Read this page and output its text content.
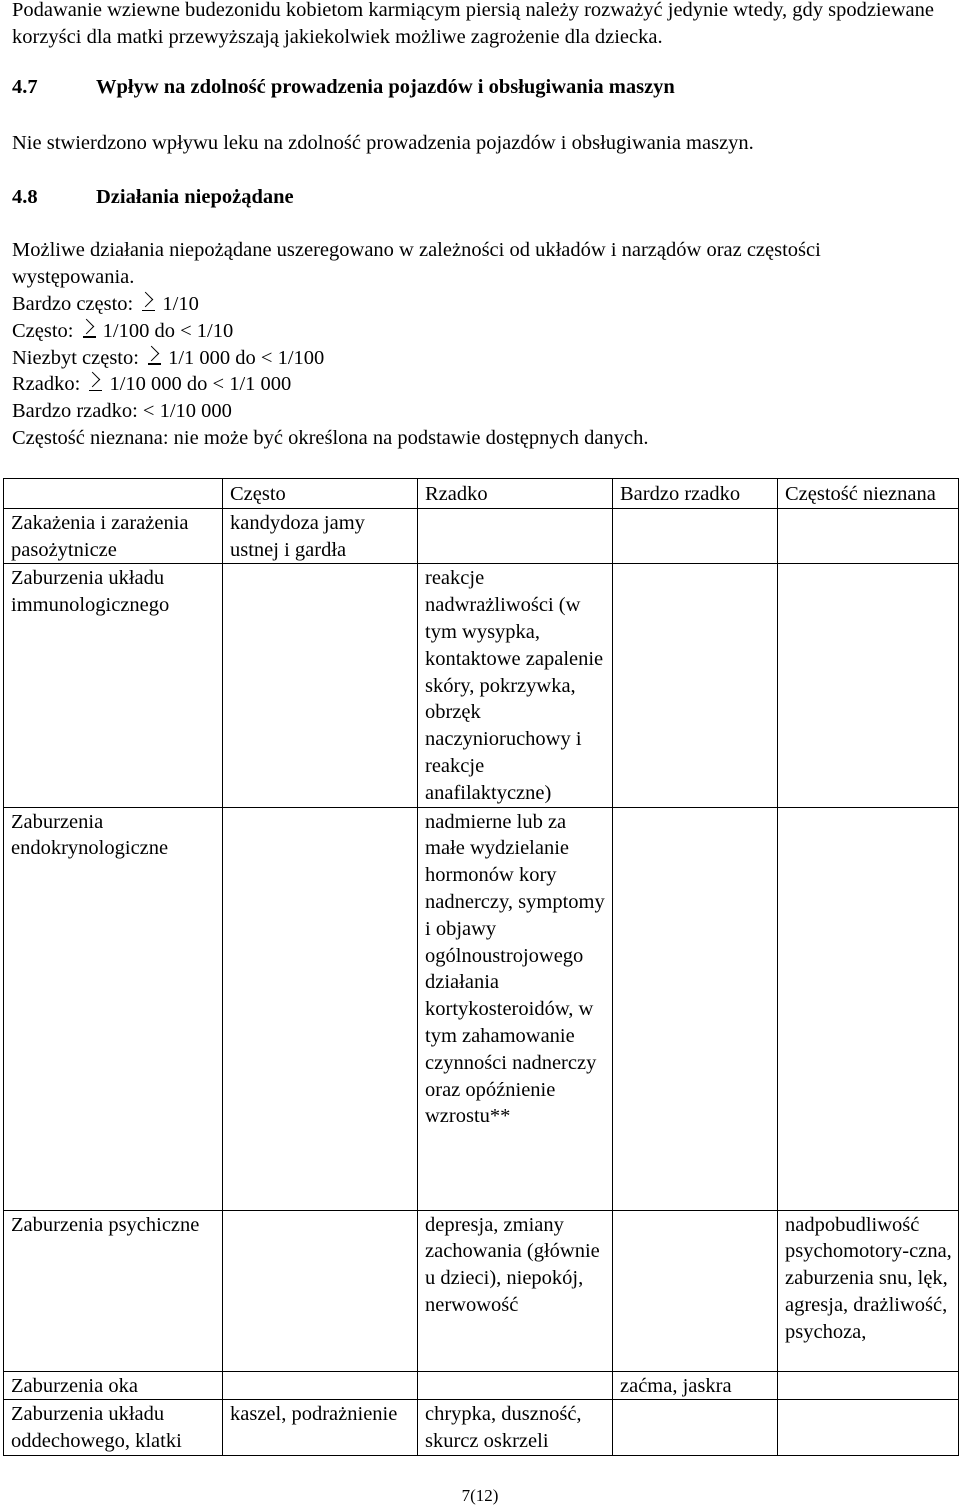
Podawanie wziewne budezonidu kobietom karmiącym piersią należy rozważyć jedynie wtedy, gdy spodziewane korzyści dla matki przewyższają jakiekolwiek możliwe zagrożenie dla dziecka.

4.7	Wpływ na zdolność prowadzenia pojazdów i obsługiwania maszyn

Nie stwierdzono wpływu leku na zdolność prowadzenia pojazdów i obsługiwania maszyn.

4.8	Działania niepożądane

Możliwe działania niepożądane uszeregowano w zależności od układów i narządów oraz częstości występowania.

Bardzo często: 1/10
Często: 1/100 do < 1/10
Niezbyt często: 1/1 000 do < 1/100
Rzadko: 1/10 000 do < 1/1 000
Bardzo rzadko: < 1/10 000
Częstość nieznana: nie może być określona na podstawie dostępnych danych.
	Często	Rzadko	Bardzo rzadko	Częstość nieznana
Zakażenia i zarażenia pasożytnicze	kandydoza jamy ustnej i gardła			
Zaburzenia układu immunologicznego		reakcje nadwrażliwości (w tym wysypka, kontaktowe zapalenie skóry, pokrzywka, obrzęk naczynioruchowy i reakcje anafilaktyczne)		
Zaburzenia endokrynologiczne		nadmierne lub za małe wydzielanie hormonów kory nadnerczy, symptomy i objawy ogólnoustrojowego działania kortykosteroidów, w tym zahamowanie czynności nadnerczy oraz opóźnienie wzrostu**		
Zaburzenia psychiczne		depresja, zmiany zachowania (głównie u dzieci), niepokój, nerwowość		nadpobudliwość psychomotory-czna, zaburzenia snu, lęk, agresja, drażliwość, psychoza,
Zaburzenia oka			zaćma, jaskra	
Zaburzenia układu oddechowego, klatki	kaszel, podrażnienie	chrypka, duszność, skurcz oskrzeli		
7(12)
